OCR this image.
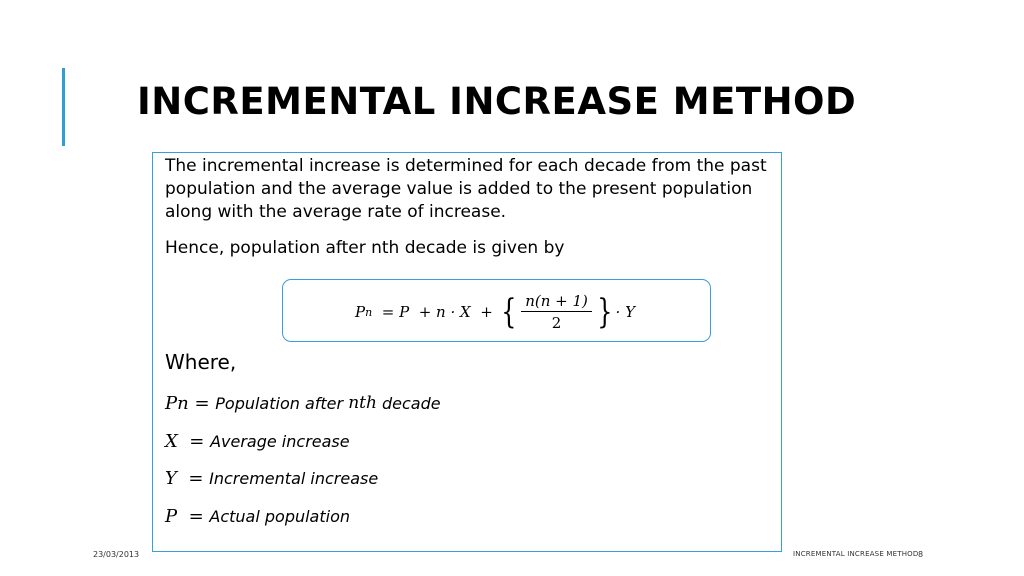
INCREMENTAL INCREASE METHOD
The incremental increase is determined for each decade from the past population and the average value is added to the present population along with the average rate of increase.
Hence, population after nth decade is given by
P n = P + n · X + { $\frac{n(n + 1)}{2}$ } · Y
Where,
P n = Population after n th decade
X = Average increase
Y = Incremental increase
P = Actual population
23/03/2013	INCREMENTAL INCREASE METHOD 8
